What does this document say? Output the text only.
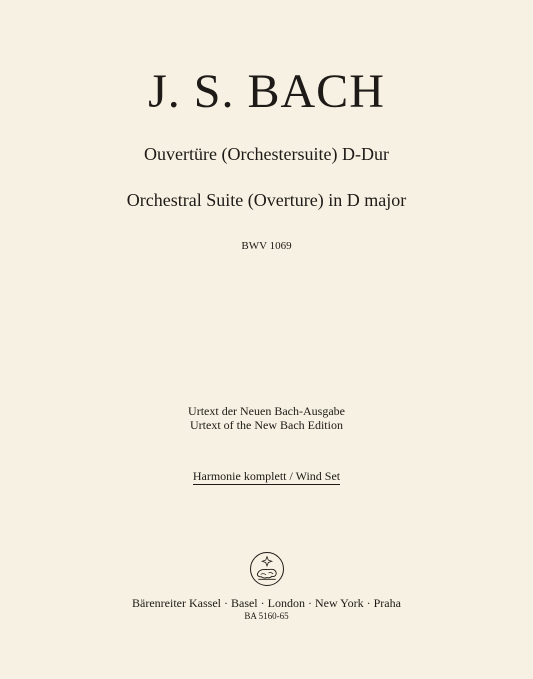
J. S. BACH
Ouvertüre (Orchestersuite) D-Dur
Orchestral Suite (Overture) in D major
BWV 1069
Urtext der Neuen Bach-Ausgabe
Urtext of the New Bach Edition
Harmonie komplett / Wind Set
Bärenreiter Kassel · Basel · London · New York · Praha
BA 5160-65
